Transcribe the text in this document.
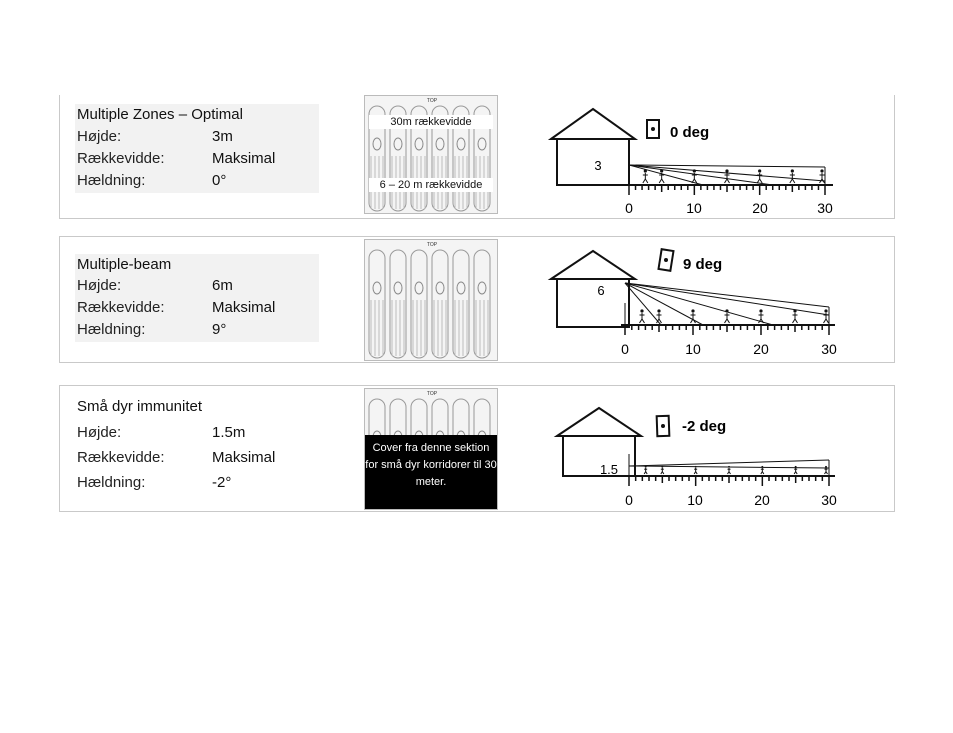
Multiple Zones – Optimal
Højde:	3m
Rækkevidde:	Maksimal
Hældning:	0°
TOP
30m rækkevidde
6 – 20 m rækkevidde
3
0 deg
0	10	20	30
Multiple-beam
Højde:	6m
Rækkevidde:	Maksimal
Hældning:	9°
TOP
6
9 deg
0	10	20	30
Små dyr immunitet
Højde:	1.5m
Rækkevidde:	Maksimal
Hældning:	-2°
TOP
Cover fra denne sektion for små dyr korridorer til 30 meter.
1.5
-2 deg
0	10	20	30
